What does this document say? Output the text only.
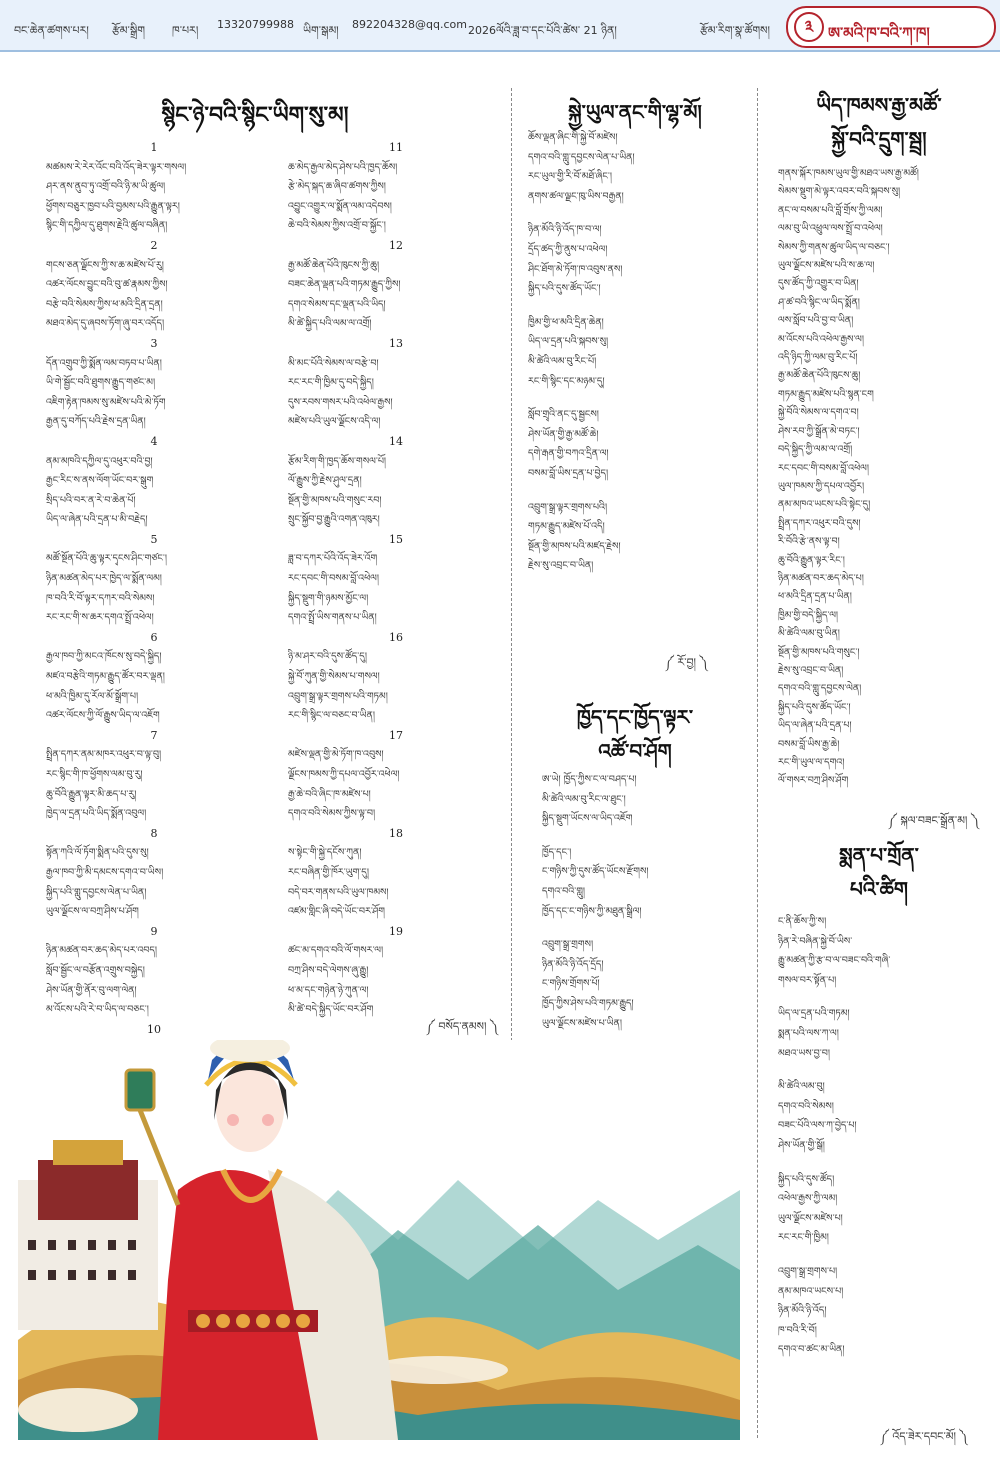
བང་ཆེན་ཚགས་པར། རྩོམ་སྒྲིག ཁ་པར། 13320799988 ཡིག་སྒམ། 892204328@qq.com 2026ལོའི་ཟླ་བ་དང་པོའི་ཚེས་ 21 ཉིན།	རྩོམ་རིག་སྣ་ཚོགས།	༣ ཨ་མའི་ཁ་བའི་ཀ་ཁ།
སྙིང་ཉེ་བའི་སྙིང་ཡིག་སུ་མ།
1
མཚམས་རེ་རེར་འོང་བའི་འོད་ཟེར་ལྟར་གསལ།
ཤར་ནས་ནུབ་ཏུ་འགྲོ་བའི་ཉི་མ་ཡི་ཚུལ།
ཕྱོགས་བཅུར་ཁྱབ་པའི་བྱམས་པའི་རྒྱུན་ལྟར།
སྙིང་གི་དཀྱིལ་དུ་ཐུགས་རྗེའི་ཚུལ་བཞིན།
2
གངས་ཅན་ལྗོངས་ཀྱི་ས་ཆ་མཛེས་པོ་རུ།
འཚར་ལོངས་བྱུང་བའི་བུ་ཚ་རྣམས་ཀྱིས།
བརྩེ་བའི་སེམས་ཀྱིས་ཕ་མའི་དྲིན་དྲན།
མཐའ་མེད་དུ་ཞབས་ཏོག་ཞུ་བར་འདོད།
3
དོན་འགྲུབ་ཀྱི་སྨོན་ལམ་བཏབ་པ་ཡིན།
ཡི་གེ་སྦྱོང་བའི་ཐུགས་རྒྱུད་གཙང་མ།
འཇིག་རྟེན་ཁམས་སུ་མཛེས་པའི་མེ་ཏོག
རྒྱན་དུ་བཀོད་པའི་རྗེས་དྲན་ཡིན།
4
ནམ་མཁའི་དཀྱིལ་དུ་འཕུར་བའི་བྱ།
རྒྱང་རིང་ས་ནས་ལོག་ཡོང་བར་སྒུག
སྲིད་པའི་བར་ན་རེ་བ་ཆེན་པོ།
ཡིད་ལ་ཞེན་པའི་དྲན་པ་མི་བརྗེད།
5
མཚོ་སྔོན་པོའི་ཆུ་ལྟར་དྭངས་ཤིང་གཙང་།
ཉིན་མཚན་མེད་པར་ཁྱེད་ལ་སྨོན་ལམ།
ཁ་བའི་རི་བོ་ལྟར་དཀར་བའི་སེམས།
རང་རང་གི་ས་ཆར་དགའ་སྤྲོ་འཕེལ།
6
རྒྱལ་ཁབ་ཀྱི་མངའ་ཁོངས་སུ་བདེ་སྐྱིད།
མཛའ་བརྩེའི་གཏམ་རྒྱུད་ཚོར་བར་ལྡན།
ཕ་མའི་ཁྱིམ་དུ་རོལ་མོ་སྒྲོག་པ།
འཚར་ལོངས་ཀྱི་ལོ་རྒྱུས་ཡིད་ལ་འཇོག
7
སྤྲིན་དཀར་ནམ་མཁར་འཕུར་བ་ལྟ་བུ།
རང་སྙིང་གི་ཁ་ཕྱོགས་ལམ་བུ་རུ།
ཆུ་བོའི་རྒྱུན་ལྟར་མི་ཆད་པ་རུ།
ཁྱེད་ལ་དྲན་པའི་ཡིད་སྨོན་འབུལ།
8
སྟོན་ཀའི་ལོ་ཏོག་སྨིན་པའི་དུས་སུ།
རྒྱལ་ཁབ་ཀྱི་མི་དམངས་དགའ་བ་ཡིས།
སྐྱིད་པའི་གླུ་དབྱངས་ལེན་པ་ཡིན།
ཡུལ་ལྗོངས་ལ་བཀྲ་ཤིས་པ་ཤོག
9
ཉིན་མཚན་བར་ཆད་མེད་པར་འབད།
སློབ་སྦྱོང་ལ་བརྩོན་འགྲུས་བསྐྱེད།
ཤེས་ཡོན་གྱི་ནོར་བུ་ལག་ལེན།
མ་འོངས་པའི་རེ་བ་ཡིད་ལ་བཅང་།
10
11
ཆ་མེད་རྒྱལ་མེད་ཤེས་པའི་ཁྱད་ཆོས།
རྩེ་མེད་སྐད་ཆ་ཞིབ་ཚགས་ཀྱིས།
འབྱུང་འགྱུར་ལ་སྨོན་ལམ་འདེབས།
ཆེ་བའི་སེམས་ཀྱིས་འགྲོ་བ་སྐྱོང་།
12
རྒྱ་མཚོ་ཆེན་པོའི་ཁུངས་ཀྱི་ཆུ།
བཟང་ཆེན་ལྡན་པའི་གཏམ་རྒྱུད་ཀྱིས།
དགའ་སེམས་དང་ལྡན་པའི་ཡིད།
མི་ཚེ་སྐྱིད་པའི་ལམ་ལ་འགྲོ།
13
མི་མང་པོའི་སེམས་ལ་བརྩེ་བ།
རང་རང་གི་ཁྱིམ་དུ་བདེ་སྐྱིད།
དུས་རབས་གསར་པའི་འཕེལ་རྒྱས།
མཛེས་པའི་ཡུལ་ལྗོངས་འདི་ལ།
14
རྩོམ་རིག་གི་ཁྱད་ཆོས་གསལ་པོ།
ལོ་རྒྱུས་ཀྱི་རྗེས་ཤུལ་དྲན།
སྔོན་གྱི་མཁས་པའི་གསུང་རབ།
སྲུང་སྐྱོབ་བྱ་རྒྱུའི་འགན་འཁུར།
15
ཟླ་བ་དཀར་པོའི་འོད་ཟེར་འོག
རང་དབང་གི་བསམ་བློ་འཕེལ།
སྐྱིད་སྡུག་གི་ཉམས་མྱོང་ལ།
དགའ་སྤྲོ་ཡིས་གནས་པ་ཡིན།
16
ཉི་མ་ཤར་བའི་དུས་ཚོད་དུ།
སྐྱེ་བོ་ཀུན་གྱི་སེམས་པ་གསལ།
འབྲུག་སྒྲ་ལྟར་གྲགས་པའི་གཏམ།
རང་གི་སྙིང་ལ་བཅང་བ་ཡིན།
17
མཛེས་ལྡན་གྱི་མེ་ཏོག་ཁ་འབུས།
ལྗོངས་ཁམས་ཀྱི་དཔལ་འབྱོར་འཕེལ།
རྒྱ་ཆེ་བའི་ཞིང་ཁ་མཛེས་པ།
དགའ་བའི་སེམས་ཀྱིས་ལྟ་བ།
18
ས་སྟེང་གི་སྐྱེ་དངོས་ཀུན།
རང་བཞིན་གྱི་ཁོར་ཡུག་དུ།
བདེ་བར་གནས་པའི་ཡུལ་ཁམས།
འཛམ་གླིང་ཞི་བདེ་ཡོང་བར་ཤོག
19
ཚང་མ་དགའ་བའི་ལོ་གསར་ལ།
བཀྲ་ཤིས་བདེ་ལེགས་ཞུ་རྒྱུ།
ཕ་མ་དང་གཉེན་ཉེ་ཀུན་ལ།
མི་ཚེ་བདེ་སྐྱིད་ཡོང་བར་ཤོག
༼ བསོད་ནམས། ༽
སྐྱེ་ཡུལ་ནང་གི་ལྷ་མོ།
ཆོས་ལྡན་ཞིང་གི་སྐྱེ་བོ་མཛེས།
དགའ་བའི་གླུ་དབྱངས་ལེན་པ་ཡིན།
རང་ཡུལ་གྱི་རི་བོ་མཐོ་ཞིང་།
ནགས་ཚལ་ལྗང་ཁུ་ཡིས་བརྒྱན།
ཉིན་མོའི་ཉི་འོད་ཁ་བ་ལ།
དྲོད་ཚད་ཀྱི་ནུས་པ་འཕེལ།
ཤིང་ཐོག་མེ་ཏོག་ཁ་འབུས་ནས།
སྐྱིད་པའི་དུས་ཚོད་ཡོང་།
ཁྱིམ་གྱི་ཕ་མའི་དྲིན་ཆེན།
ཡིད་ལ་དྲན་པའི་སྐབས་སུ།
མི་ཚེའི་ལམ་བུ་རིང་པོ།
རང་གི་སྙིང་དང་མཉམ་དུ།
སློབ་གྲྭའི་ནང་དུ་སྦྱངས།
ཤེས་ཡོན་གྱི་རྒྱ་མཚོ་ཆེ།
དགེ་རྒན་གྱི་བཀའ་དྲིན་ལ།
བསམ་བློ་ཡིས་དྲན་པ་བྱེད།
འབྲུག་སྒྲ་ལྟར་གྲགས་པའི།
གཏམ་རྒྱུད་མཛེས་པོ་འདི།
སྔོན་གྱི་མཁས་པའི་མཛད་རྗེས།
རྗེས་སུ་འབྲང་བ་ཡིན།
༼ རོ་བྱ། ༽
ཁྱོད་དང་ཁྱོད་ལྟར་
འཚོ་བ་ཤོག
ཨ་ཡེ། ཁྱོད་ཀྱིས་ང་ལ་བཤད་པ།
མི་ཚེའི་ལམ་བུ་རིང་ལ་ཐུང་།
སྐྱིད་སྡུག་ཡོངས་ལ་ཡིད་འཇོག
ཁྱོད་དང་།
ང་གཉིས་ཀྱི་དུས་ཚོད་ཡོངས་རྫོགས།
དགའ་བའི་གླུ།
ཁྱོད་དང་ང་གཉིས་ཀྱི་མཐུན་སྒྲིལ།
འབྲུག་སྒྲ་གྲགས།
ཉིན་མོའི་ཉི་འོད་དྲོད།
ང་གཉིས་གྲོགས་པོ།
ཁྱོད་ཀྱིས་ཤེས་པའི་གཏམ་རྒྱུད།
ཡུལ་ལྗོངས་མཛེས་པ་ཡིན།
ཡིད་ཁམས་རྒྱ་མཚོ་
སྐྱོ་བའི་དྲུག་སྦྲ།
གནས་སྐོར་ཁམས་ཡུལ་གྱི་མཐའ་ཡས་རྒྱ་མཚོ།
སེམས་སྡུག་མེ་ལྟར་འབར་བའི་སྐབས་སུ།
ནང་ལ་བསམ་པའི་བློ་གྲོས་ཀྱི་ལམ།
ལམ་བུ་ཡི་འཕྲུལ་ལས་སྤྲོ་བ་འཕེལ།
སེམས་ཀྱི་གནས་ཚུལ་ཡིད་ལ་བཅང་།
ཡུལ་ལྗོངས་མཛེས་པའི་ས་ཆ་ལ།
དུས་ཚོད་ཀྱི་འགྱུར་བ་ཡིན།
ཤ་ཚ་བའི་སྙིང་ལ་ཡིད་སྨོན།
ལས་སློབ་པའི་བྱ་བ་ཡིན།
མ་འོངས་པའི་འཕེལ་རྒྱས་ལ།
འདི་ཉིད་ཀྱི་ལམ་བུ་རིང་པོ།
རྒྱ་མཚོ་ཆེན་པོའི་ཁུངས་ཆུ།
གཏམ་རྒྱུད་མཛེས་པའི་སྙན་ངག
སྐྱེ་བོའི་སེམས་ལ་དགའ་བ།
ཤེས་རབ་ཀྱི་སྒྲོན་མེ་བཏང་།
བདེ་སྐྱིད་ཀྱི་ལམ་ལ་འགྲོ།
རང་དབང་གི་བསམ་བློ་འཕེལ།
ཡུལ་ཁམས་ཀྱི་དཔལ་འབྱོར།
ནམ་མཁའ་ཡངས་པའི་སྟེང་དུ།
སྤྲིན་དཀར་འཕུར་བའི་དུས།
རི་བོའི་རྩེ་ནས་ལྟ་བ།
ཆུ་བོའི་རྒྱུན་ལྟར་རིང་།
ཉིན་མཚན་བར་ཆད་མེད་པ།
ཕ་མའི་དྲིན་དྲན་པ་ཡིན།
ཁྱིམ་གྱི་བདེ་སྐྱིད་ལ།
མི་ཚེའི་ལམ་བུ་ཡིན།
སྔོན་གྱི་མཁས་པའི་གསུང་།
རྗེས་སུ་འབྲང་བ་ཡིན།
དགའ་བའི་གླུ་དབྱངས་ལེན།
སྐྱིད་པའི་དུས་ཚོད་ཡོང་།
ཡིད་ལ་ཞེན་པའི་དྲན་པ།
བསམ་བློ་ཡིས་རྒྱ་ཆེ།
རང་གི་ཡུལ་ལ་དགའ།
ལོ་གསར་བཀྲ་ཤིས་ཤོག
༼ སྐལ་བཟང་སྒྲོན་མ། ༽
སྨན་པ་གྲོན་
པའི་ཚིག
ང་ནི་ཆོས་ཀྱི་ས།
ཉིན་རེ་བཞིན་སྐྱེ་བོ་ཡིས་
རྒྱུ་མཚན་ཀྱི་རྩ་བ་ལ་བཟང་བའི་གཞི་
གསལ་བར་སྟོན་པ།
ཡིད་ལ་དྲན་པའི་གཏམ།
སྨན་པའི་ལས་ཀ་ལ།
མཐའ་ཡས་བྱ་བ།
མི་ཚེའི་ལམ་བུ།
དགའ་བའི་སེམས།
བཟང་པོའི་ལས་ཀ་བྱེད་པ།
ཤེས་ཡོན་གྱི་སྒོ།
སྐྱིད་པའི་དུས་ཚོད།
འཕེལ་རྒྱས་ཀྱི་ལམ།
ཡུལ་ལྗོངས་མཛེས་པ།
རང་རང་གི་ཁྱིམ།
འབྲུག་སྒྲ་གྲགས་པ།
ནམ་མཁའ་ཡངས་པ།
ཉིན་མོའི་ཉི་འོད།
ཁ་བའི་རི་བོ།
དགའ་བ་ཚང་མ་ཡིན།
༼ འོད་ཟེར་དབང་མོ། ༽
